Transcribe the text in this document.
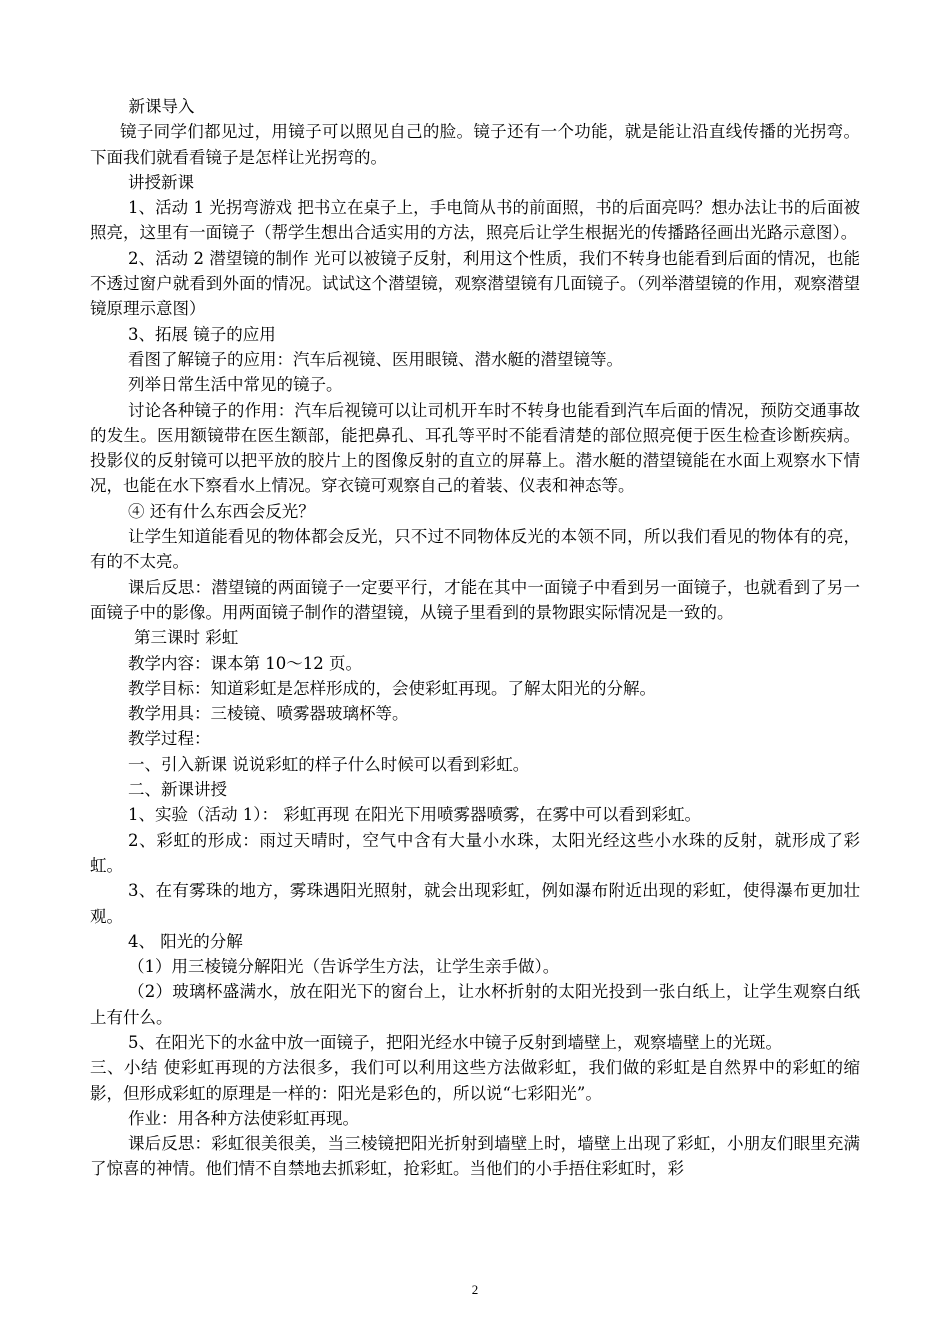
新课导入

镜子同学们都见过，用镜子可以照见自己的脸。镜子还有一个功能，就是能让沿直线传播的光拐弯。下面我们就看看镜子是怎样让光拐弯的。

讲授新课

1、活动 1 光拐弯游戏 把书立在桌子上，手电筒从书的前面照，书的后面亮吗？想办法让书的后面被照亮，这里有一面镜子（帮学生想出合适实用的方法，照亮后让学生根据光的传播路径画出光路示意图）。

2、活动 2 潜望镜的制作 光可以被镜子反射，利用这个性质，我们不转身也能看到后面的情况，也能不透过窗户就看到外面的情况。试试这个潜望镜，观察潜望镜有几面镜子。（列举潜望镜的作用，观察潜望镜原理示意图）

3、拓展 镜子的应用

看图了解镜子的应用：汽车后视镜、医用眼镜、潜水艇的潜望镜等。

列举日常生活中常见的镜子。

讨论各种镜子的作用：汽车后视镜可以让司机开车时不转身也能看到汽车后面的情况，预防交通事故的发生。医用额镜带在医生额部，能把鼻孔、耳孔等平时不能看清楚的部位照亮便于医生检查诊断疾病。投影仪的反射镜可以把平放的胶片上的图像反射的直立的屏幕上。潜水艇的潜望镜能在水面上观察水下情况，也能在水下察看水上情况。穿衣镜可观察自己的着装、仪表和神态等。

④ 还有什么东西会反光？

让学生知道能看见的物体都会反光，只不过不同物体反光的本领不同，所以我们看见的物体有的亮，有的不太亮。

课后反思：潜望镜的两面镜子一定要平行，才能在其中一面镜子中看到另一面镜子，也就看到了另一面镜子中的影像。用两面镜子制作的潜望镜，从镜子里看到的景物跟实际情况是一致的。

第三课时 彩虹

教学内容：课本第 10～12 页。

教学目标：知道彩虹是怎样形成的，会使彩虹再现。了解太阳光的分解。

教学用具：三棱镜、喷雾器玻璃杯等。

教学过程：

一、引入新课 说说彩虹的样子什么时候可以看到彩虹。

二、新课讲授

1、实验（活动 1）： 彩虹再现 在阳光下用喷雾器喷雾，在雾中可以看到彩虹。

2、彩虹的形成：雨过天晴时，空气中含有大量小水珠，太阳光经这些小水珠的反射，就形成了彩虹。

3、在有雾珠的地方，雾珠遇阳光照射，就会出现彩虹，例如瀑布附近出现的彩虹，使得瀑布更加壮观。

4、 阳光的分解

（1）用三棱镜分解阳光（告诉学生方法，让学生亲手做）。

（2）玻璃杯盛满水，放在阳光下的窗台上，让水杯折射的太阳光投到一张白纸上，让学生观察白纸上有什么。

5、在阳光下的水盆中放一面镜子，把阳光经水中镜子反射到墙壁上，观察墙壁上的光斑。

三、小结 使彩虹再现的方法很多，我们可以利用这些方法做彩虹，我们做的彩虹是自然界中的彩虹的缩影，但形成彩虹的原理是一样的：阳光是彩色的，所以说“七彩阳光”。

作业：用各种方法使彩虹再现。

课后反思：彩虹很美很美，当三棱镜把阳光折射到墙壁上时，墙壁上出现了彩虹，小朋友们眼里充满了惊喜的神情。他们情不自禁地去抓彩虹，抢彩虹。当他们的小手捂住彩虹时，彩

2
